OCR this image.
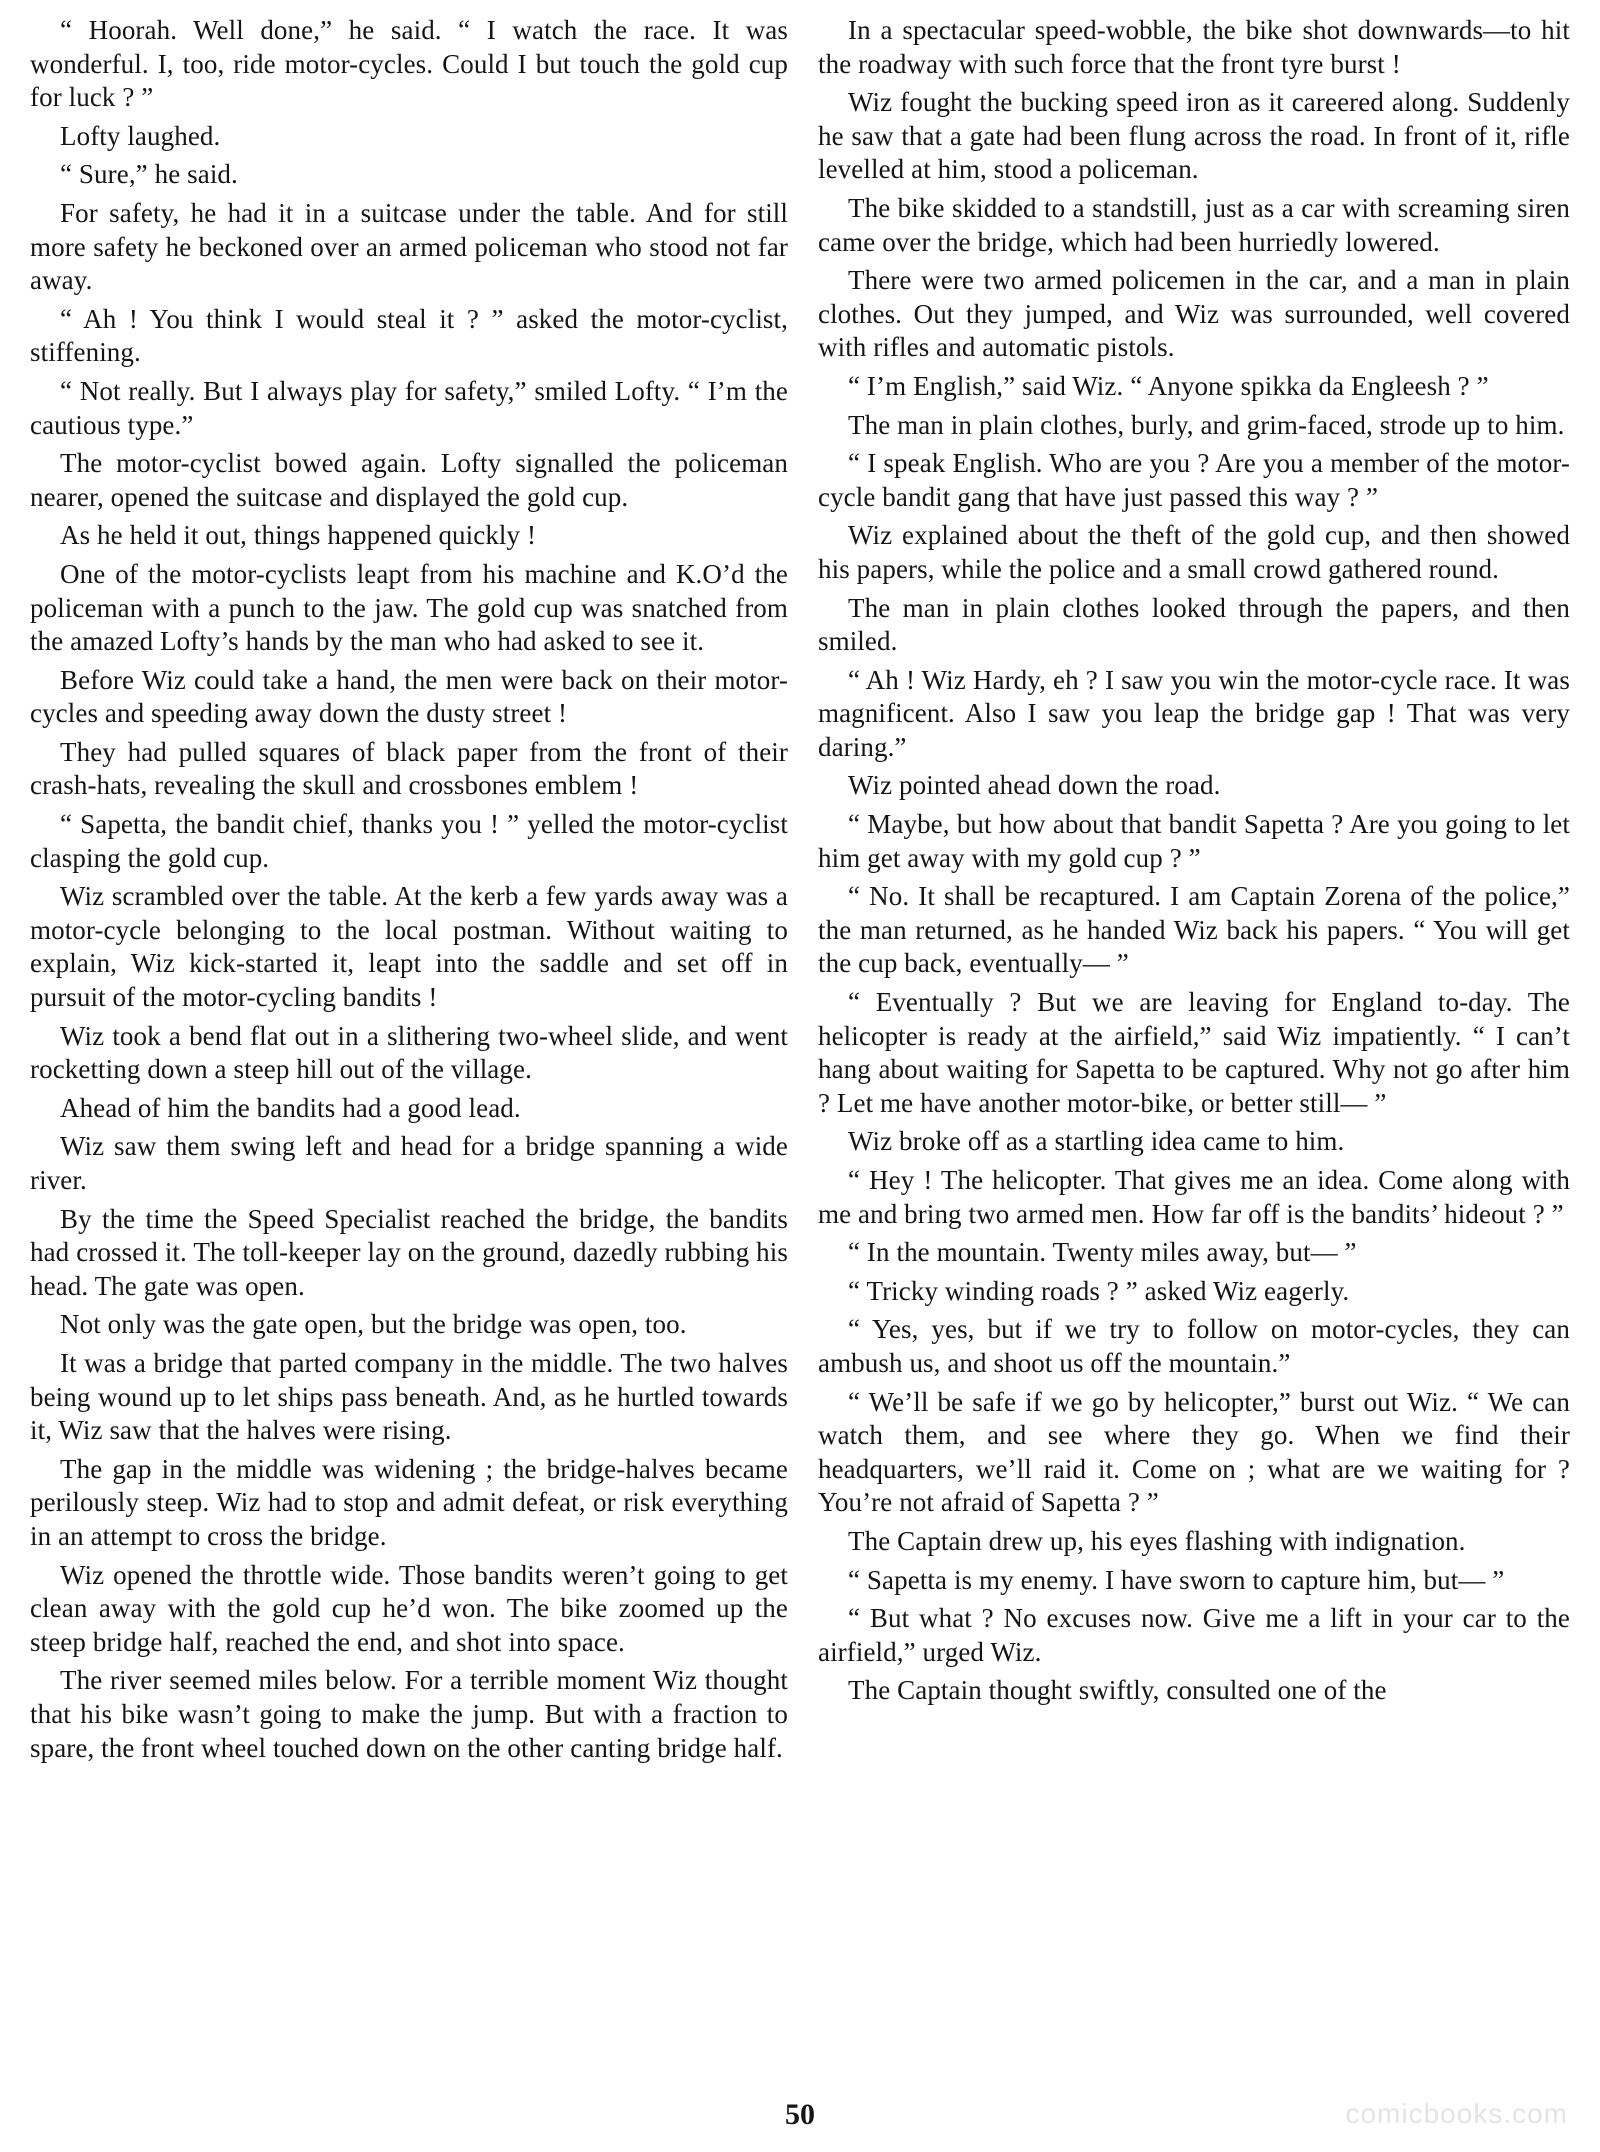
“ Hoorah. Well done,” he said. “ I watch the race. It was wonderful. I, too, ride motor-cycles. Could I but touch the gold cup for luck ? ”

Lofty laughed.

“ Sure,” he said.

For safety, he had it in a suitcase under the table. And for still more safety he beckoned over an armed policeman who stood not far away.

“ Ah ! You think I would steal it ? ” asked the motor-cyclist, stiffening.

“ Not really. But I always play for safety,” smiled Lofty. “ I’m the cautious type.”

The motor-cyclist bowed again. Lofty signalled the policeman nearer, opened the suitcase and displayed the gold cup.

As he held it out, things happened quickly !

One of the motor-cyclists leapt from his machine and K.O’d the policeman with a punch to the jaw. The gold cup was snatched from the amazed Lofty’s hands by the man who had asked to see it.

Before Wiz could take a hand, the men were back on their motor-cycles and speeding away down the dusty street !

They had pulled squares of black paper from the front of their crash-hats, revealing the skull and crossbones emblem !

“ Sapetta, the bandit chief, thanks you ! ” yelled the motor-cyclist clasping the gold cup.

Wiz scrambled over the table. At the kerb a few yards away was a motor-cycle belonging to the local postman. Without waiting to explain, Wiz kick-started it, leapt into the saddle and set off in pursuit of the motor-cycling bandits !

Wiz took a bend flat out in a slithering two-wheel slide, and went rocketting down a steep hill out of the village.

Ahead of him the bandits had a good lead.

Wiz saw them swing left and head for a bridge spanning a wide river.

By the time the Speed Specialist reached the bridge, the bandits had crossed it. The toll-keeper lay on the ground, dazedly rubbing his head. The gate was open.

Not only was the gate open, but the bridge was open, too.

It was a bridge that parted company in the middle. The two halves being wound up to let ships pass beneath. And, as he hurtled towards it, Wiz saw that the halves were rising.

The gap in the middle was widening ; the bridge-halves became perilously steep. Wiz had to stop and admit defeat, or risk everything in an attempt to cross the bridge.

Wiz opened the throttle wide. Those bandits weren’t going to get clean away with the gold cup he’d won. The bike zoomed up the steep bridge half, reached the end, and shot into space.

The river seemed miles below. For a terrible moment Wiz thought that his bike wasn’t going to make the jump. But with a fraction to spare, the front wheel touched down on the other canting bridge half.

In a spectacular speed-wobble, the bike shot downwards—to hit the roadway with such force that the front tyre burst !

Wiz fought the bucking speed iron as it careered along. Suddenly he saw that a gate had been flung across the road. In front of it, rifle levelled at him, stood a policeman.

The bike skidded to a standstill, just as a car with screaming siren came over the bridge, which had been hurriedly lowered.

There were two armed policemen in the car, and a man in plain clothes. Out they jumped, and Wiz was surrounded, well covered with rifles and automatic pistols.

“ I’m English,” said Wiz. “ Anyone spikka da Engleesh ? ”

The man in plain clothes, burly, and grim-faced, strode up to him.

“ I speak English. Who are you ? Are you a member of the motor-cycle bandit gang that have just passed this way ? ”

Wiz explained about the theft of the gold cup, and then showed his papers, while the police and a small crowd gathered round.

The man in plain clothes looked through the papers, and then smiled.

“ Ah ! Wiz Hardy, eh ? I saw you win the motor-cycle race. It was magnificent. Also I saw you leap the bridge gap ! That was very daring.”

Wiz pointed ahead down the road.

“ Maybe, but how about that bandit Sapetta ? Are you going to let him get away with my gold cup ? ”

“ No. It shall be recaptured. I am Captain Zorena of the police,” the man returned, as he handed Wiz back his papers. “ You will get the cup back, eventually— ”

“ Eventually ? But we are leaving for England to-day. The helicopter is ready at the airfield,” said Wiz impatiently. “ I can’t hang about waiting for Sapetta to be captured. Why not go after him ? Let me have another motor-bike, or better still— ”

Wiz broke off as a startling idea came to him.

“ Hey ! The helicopter. That gives me an idea. Come along with me and bring two armed men. How far off is the bandits’ hideout ? ”

“ In the mountain. Twenty miles away, but— ”

“ Tricky winding roads ? ” asked Wiz eagerly.

“ Yes, yes, but if we try to follow on motor-cycles, they can ambush us, and shoot us off the mountain.”

“ We’ll be safe if we go by helicopter,” burst out Wiz. “ We can watch them, and see where they go. When we find their headquarters, we’ll raid it. Come on ; what are we waiting for ? You’re not afraid of Sapetta ? ”

The Captain drew up, his eyes flashing with indignation.

“ Sapetta is my enemy. I have sworn to capture him, but— ”

“ But what ? No excuses now. Give me a lift in your car to the airfield,” urged Wiz.

The Captain thought swiftly, consulted one of the

50	comicbooks.com
